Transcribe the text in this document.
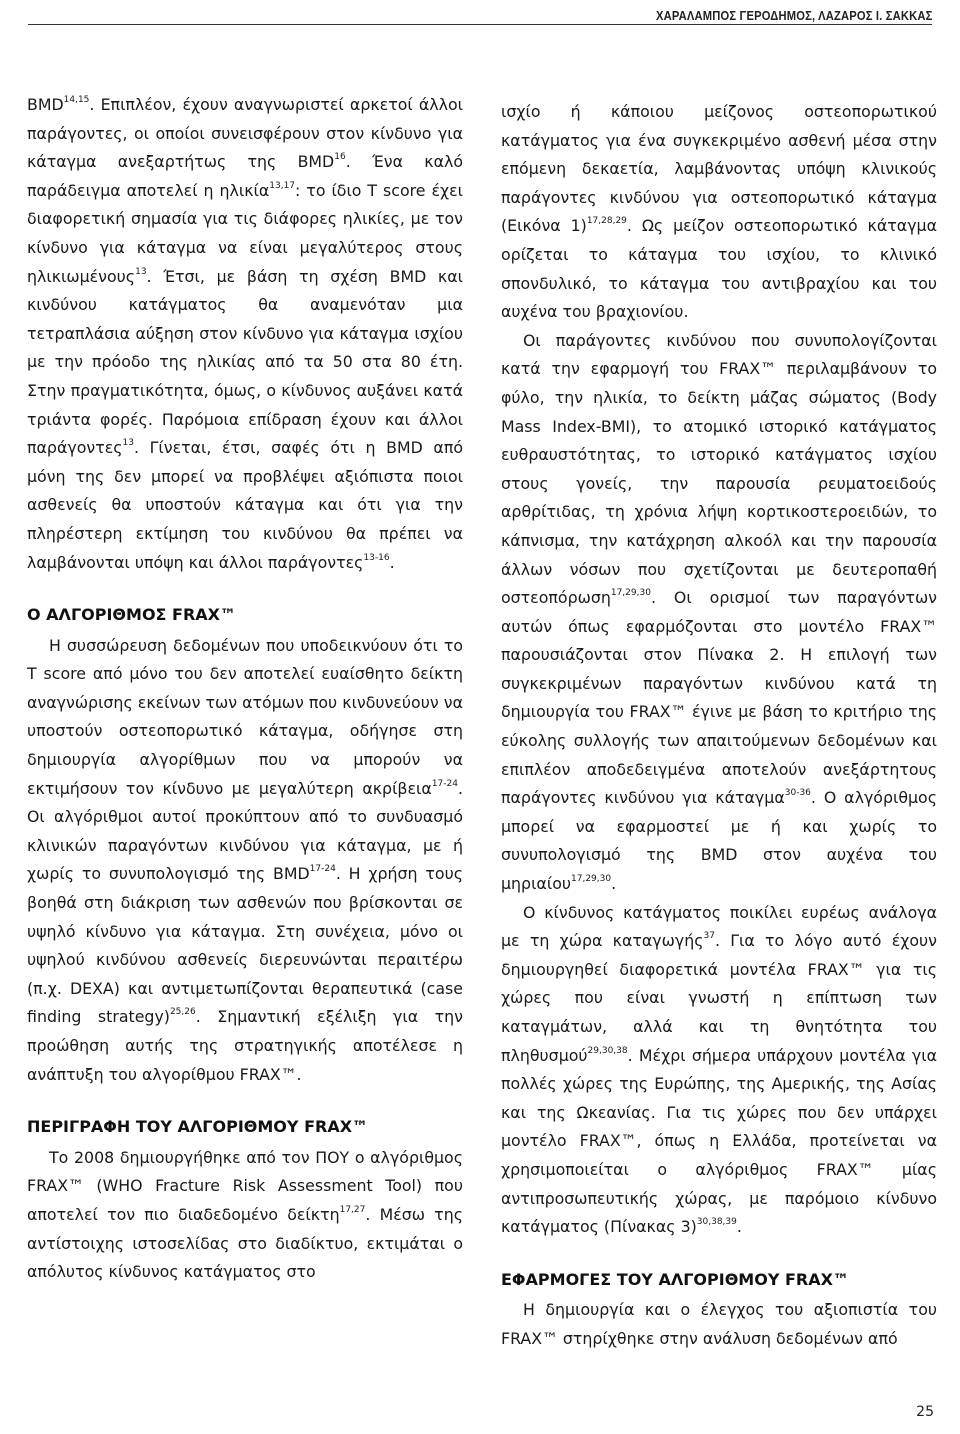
ΧΑΡΑΛΑΜΠΟΣ ΓΕΡΟΔΗΜΟΣ, ΛΑΖΑΡΟΣ Ι. ΣΑΚΚΑΣ

BMD$^{14,15}$. Επιπλέον, έχουν αναγνωριστεί αρκετοί άλλοι παράγοντες, οι οποίοι συνεισφέρουν στον κίνδυνο για κάταγμα ανεξαρτήτως της BMD$^{16}$. Ένα καλό παράδειγμα αποτελεί η ηλικία$^{13,17}$: το ίδιο T score έχει διαφορετική σημασία για τις διάφορες ηλικίες, με τον κίνδυνο για κάταγμα να είναι μεγαλύτερος στους ηλικιωμένους$^{13}$. Έτσι, με βάση τη σχέση BMD και κινδύνου κατάγματος θα αναμενόταν μια τετραπλάσια αύξηση στον κίνδυνο για κάταγμα ισχίου με την πρόοδο της ηλικίας από τα 50 στα 80 έτη. Στην πραγματικότητα, όμως, ο κίνδυνος αυξάνει κατά τριάντα φορές. Παρόμοια επίδραση έχουν και άλλοι παράγοντες$^{13}$. Γίνεται, έτσι, σαφές ότι η BMD από μόνη της δεν μπορεί να προβλέψει αξιόπιστα ποιοι ασθενείς θα υποστούν κάταγμα και ότι για την πληρέστερη εκτίμηση του κινδύνου θα πρέπει να λαμβάνονται υπόψη και άλλοι παράγοντες$^{13-16}$.

Ο ΑΛΓΟΡΙΘΜΟΣ FRAX™

Η συσσώρευση δεδομένων που υποδεικνύουν ότι το T score από μόνο του δεν αποτελεί ευαίσθητο δείκτη αναγνώρισης εκείνων των ατόμων που κινδυνεύουν να υποστούν οστεοπορωτικό κάταγμα, οδήγησε στη δημιουργία αλγορίθμων που να μπορούν να εκτιμήσουν τον κίνδυνο με μεγαλύτερη ακρίβεια$^{17-24}$. Οι αλγόριθμοι αυτοί προκύπτουν από το συνδυασμό κλινικών παραγόντων κινδύνου για κάταγμα, με ή χωρίς το συνυπολογισμό της BMD$^{17-24}$. Η χρήση τους βοηθά στη διάκριση των ασθενών που βρίσκονται σε υψηλό κίνδυνο για κάταγμα. Στη συνέχεια, μόνο οι υψηλού κινδύνου ασθενείς διερευνώνται περαιτέρω (π.χ. DEXA) και αντιμετωπίζονται θεραπευτικά (case finding strategy)$^{25,26}$. Σημαντική εξέλιξη για την προώθηση αυτής της στρατηγικής αποτέλεσε η ανάπτυξη του αλγορίθμου FRAX™.

ΠΕΡΙΓΡΑΦΗ ΤΟΥ ΑΛΓΟΡΙΘΜΟΥ FRAX™

Το 2008 δημιουργήθηκε από τον ΠΟΥ ο αλγόριθμος FRAX™ (WHO Fracture Risk Assessment Tool) που αποτελεί τον πιο διαδεδομένο δείκτη$^{17,27}$. Μέσω της αντίστοιχης ιστοσελίδας στο διαδίκτυο, εκτιμάται ο απόλυτος κίνδυνος κατάγματος στο

ισχίο ή κάποιου μείζονος οστεοπορωτικού κατάγματος για ένα συγκεκριμένο ασθενή μέσα στην επόμενη δεκαετία, λαμβάνοντας υπόψη κλινικούς παράγοντες κινδύνου για οστεοπορωτικό κάταγμα (Εικόνα 1)$^{17,28,29}$. Ως μείζον οστεοπορωτικό κάταγμα ορίζεται το κάταγμα του ισχίου, το κλινικό σπονδυλικό, το κάταγμα του αντιβραχίου και του αυχένα του βραχιονίου.

Οι παράγοντες κινδύνου που συνυπολογίζονται κατά την εφαρμογή του FRAX™ περιλαμβάνουν το φύλο, την ηλικία, το δείκτη μάζας σώματος (Body Mass Index-BMI), το ατομικό ιστορικό κατάγματος ευθραυστότητας, το ιστορικό κατάγματος ισχίου στους γονείς, την παρουσία ρευματοειδούς αρθρίτιδας, τη χρόνια λήψη κορτικοστεροειδών, το κάπνισμα, την κατάχρηση αλκοόλ και την παρουσία άλλων νόσων που σχετίζονται με δευτεροπαθή οστεοπόρωση$^{17,29,30}$. Οι ορισμοί των παραγόντων αυτών όπως εφαρμόζονται στο μοντέλο FRAX™ παρουσιάζονται στον Πίνακα 2. Η επιλογή των συγκεκριμένων παραγόντων κινδύνου κατά τη δημιουργία του FRAX™ έγινε με βάση το κριτήριο της εύκολης συλλογής των απαιτούμενων δεδομένων και επιπλέον αποδεδειγμένα αποτελούν ανεξάρτητους παράγοντες κινδύνου για κάταγμα$^{30-36}$. Ο αλγόριθμος μπορεί να εφαρμοστεί με ή και χωρίς το συνυπολογισμό της BMD στον αυχένα του μηριαίου$^{17,29,30}$.

Ο κίνδυνος κατάγματος ποικίλει ευρέως ανάλογα με τη χώρα καταγωγής$^{37}$. Για το λόγο αυτό έχουν δημιουργηθεί διαφορετικά μοντέλα FRAX™ για τις χώρες που είναι γνωστή η επίπτωση των καταγμάτων, αλλά και τη θνητότητα του πληθυσμού$^{29,30,38}$. Μέχρι σήμερα υπάρχουν μοντέλα για πολλές χώρες της Ευρώπης, της Αμερικής, της Ασίας και της Ωκεανίας. Για τις χώρες που δεν υπάρχει μοντέλο FRAX™, όπως η Ελλάδα, προτείνεται να χρησιμοποιείται ο αλγόριθμος FRAX™ μίας αντιπροσωπευτικής χώρας, με παρόμοιο κίνδυνο κατάγματος (Πίνακας 3)$^{30,38,39}$.

ΕΦΑΡΜΟΓΕΣ ΤΟΥ ΑΛΓΟΡΙΘΜΟΥ FRAX™

Η δημιουργία και ο έλεγχος του αξιοπιστία του FRAX™ στηρίχθηκε στην ανάλυση δεδομένων από

25
